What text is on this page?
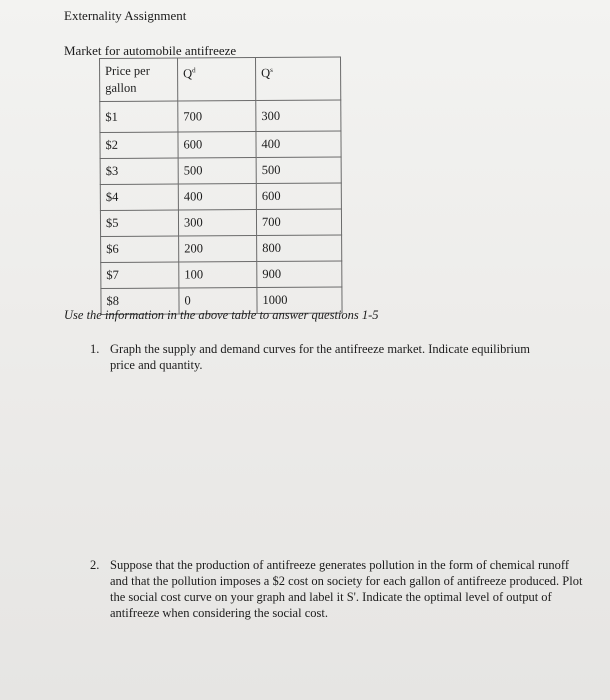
Externality Assignment
Market for automobile antifreeze
Price per gallon	$Q^d$	$Q^s$
$1	700	300
$2	600	400
$3	500	500
$4	400	600
$5	300	700
$6	200	800
$7	100	900
$8	0	1000
Use the information in the above table to answer questions 1-5
1. Graph the supply and demand curves for the antifreeze market. Indicate equilibrium price and quantity.
2. Suppose that the production of antifreeze generates pollution in the form of chemical runoff and that the pollution imposes a $2 cost on society for each gallon of antifreeze produced. Plot the social cost curve on your graph and label it S'. Indicate the optimal level of output of antifreeze when considering the social cost.
